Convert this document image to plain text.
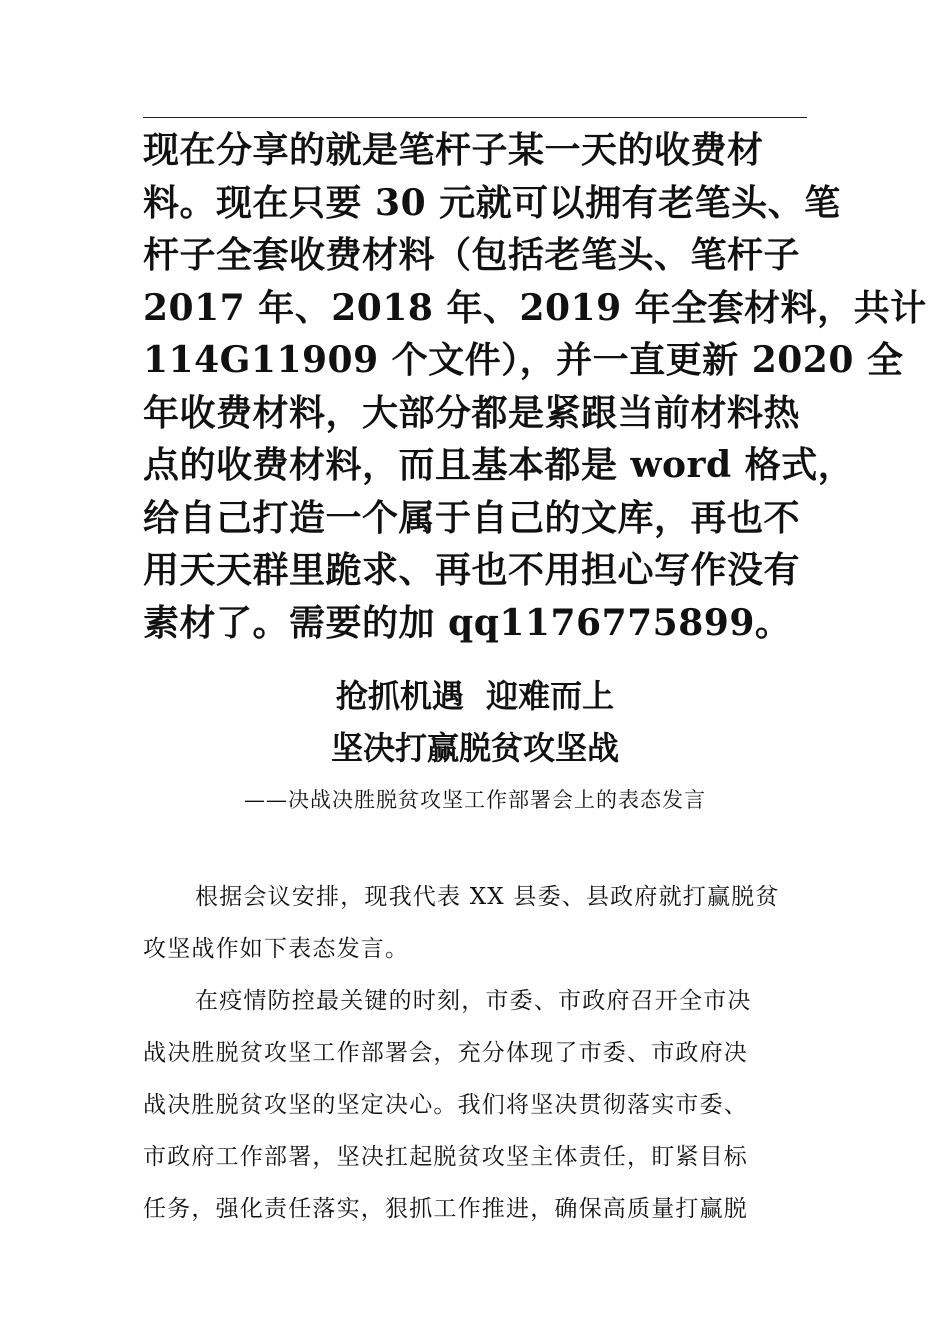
现在分享的就是笔杆子某一天的收费材
料。现在只要 30 元就可以拥有老笔头、笔
杆子全套收费材料（包括老笔头、笔杆子
2017 年、2018 年、2019 年全套材料，共计
114G11909 个文件），并一直更新 2020 全
年收费材料，大部分都是紧跟当前材料热
点的收费材料，而且基本都是 word 格式，
给自己打造一个属于自己的文库，再也不
用天天群里跪求、再也不用担心写作没有
素材了。需要的加 qq1176775899。
抢抓机遇  迎难而上
坚决打赢脱贫攻坚战
——决战决胜脱贫攻坚工作部署会上的表态发言
根据会议安排，现我代表 XX 县委、县政府就打赢脱贫
攻坚战作如下表态发言。
在疫情防控最关键的时刻，市委、市政府召开全市决
战决胜脱贫攻坚工作部署会，充分体现了市委、市政府决
战决胜脱贫攻坚的坚定决心。我们将坚决贯彻落实市委、
市政府工作部署，坚决扛起脱贫攻坚主体责任，盯紧目标
任务，强化责任落实，狠抓工作推进，确保高质量打赢脱
